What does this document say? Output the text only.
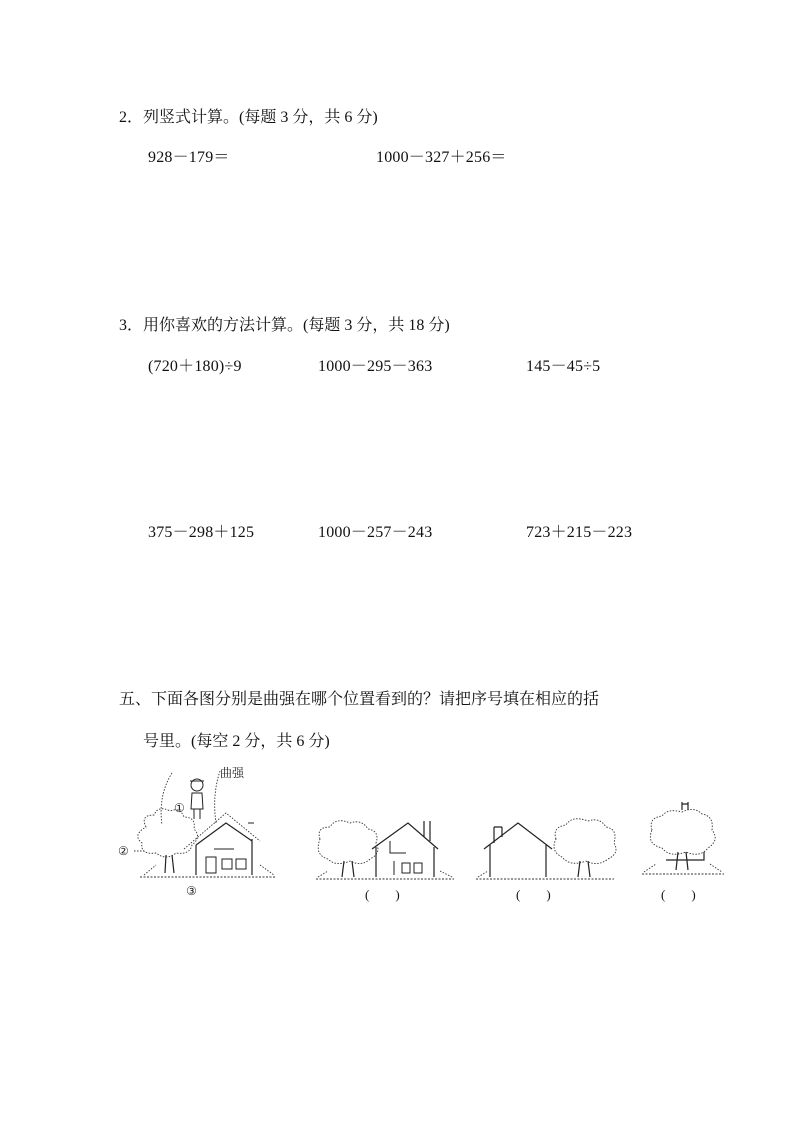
2．列竖式计算。(每题 3 分，共 6 分)
928－179＝	1000－327＋256＝
3．用你喜欢的方法计算。(每题 3 分，共 18 分)
(720＋180)÷9	1000－295－363	145－45÷5
375－298＋125	1000－257－243	723＋215－223
五、下面各图分别是曲强在哪个位置看到的？请把序号填在相应的括
号里。(每空 2 分，共 6 分)
曲强
①
②
③	(　　)	(　　)	(　　)
